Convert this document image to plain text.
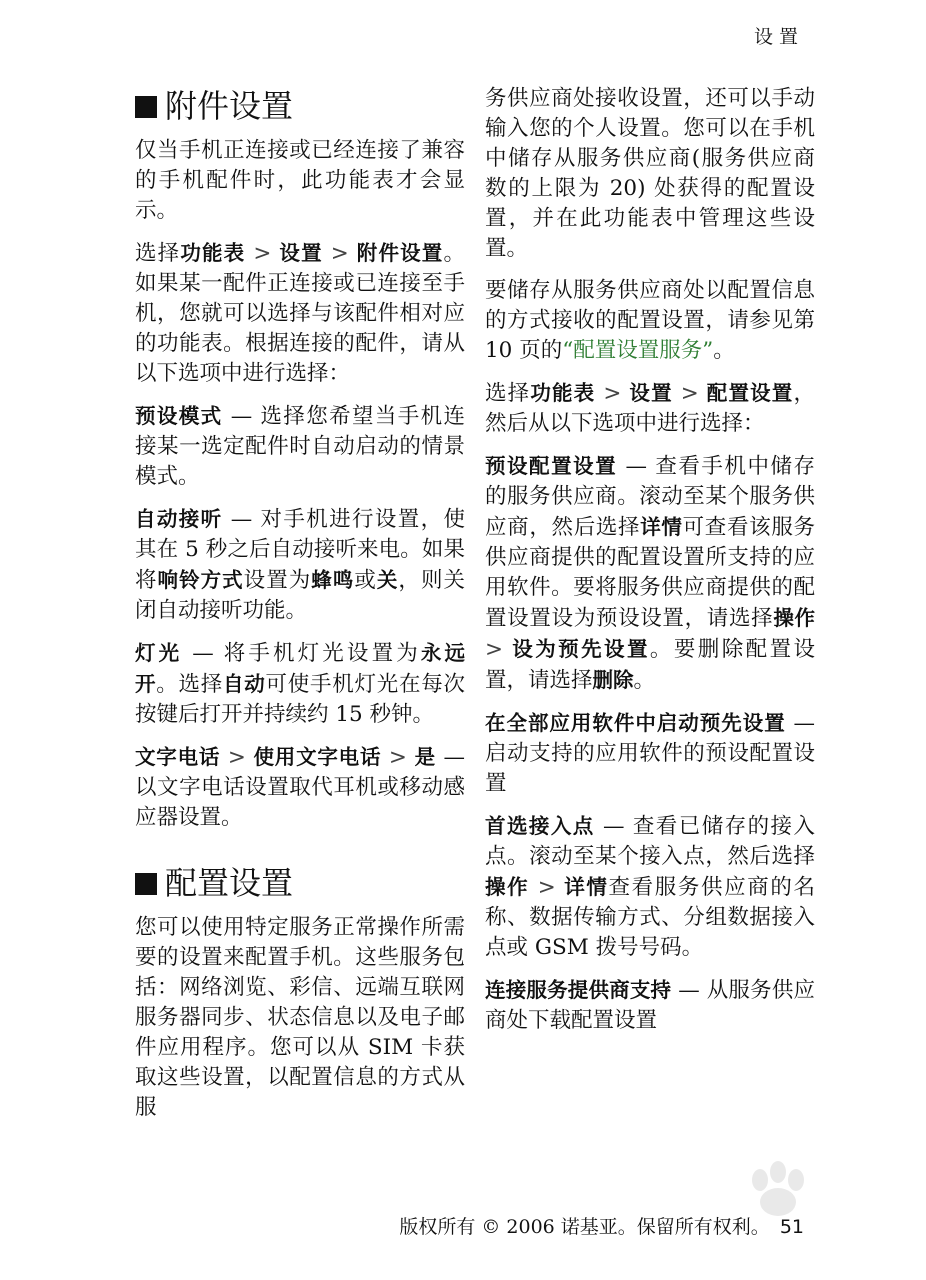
设置
附件设置

仅当手机正连接或已经连接了兼容的手机配件时，此功能表才会显示。

选择功能表 > 设置 > 附件设置。如果某一配件正连接或已连接至手机，您就可以选择与该配件相对应的功能表。根据连接的配件，请从以下选项中进行选择：

预设模式 — 选择您希望当手机连接某一选定配件时自动启动的情景模式。

自动接听 — 对手机进行设置，使其在 5 秒之后自动接听来电。如果将响铃方式设置为蜂鸣或关，则关闭自动接听功能。

灯光 — 将手机灯光设置为永远开。选择自动可使手机灯光在每次按键后打开并持续约 15 秒钟。

文字电话 > 使用文字电话 > 是 — 以文字电话设置取代耳机或移动感应器设置。

配置设置

您可以使用特定服务正常操作所需要的设置来配置手机。这些服务包括：网络浏览、彩信、远端互联网服务器同步、状态信息以及电子邮件应用程序。您可以从 SIM 卡获取这些设置，以配置信息的方式从服

务供应商处接收设置，还可以手动输入您的个人设置。您可以在手机中储存从服务供应商(服务供应商数的上限为 20) 处获得的配置设置，并在此功能表中管理这些设置。

要储存从服务供应商处以配置信息的方式接收的配置设置，请参见第 10 页的“配置设置服务”。

选择功能表 > 设置 > 配置设置，然后从以下选项中进行选择：

预设配置设置 — 查看手机中储存的服务供应商。滚动至某个服务供应商，然后选择详情可查看该服务供应商提供的配置设置所支持的应用软件。要将服务供应商提供的配置设置设为预设设置，请选择操作 > 设为预先设置。要删除配置设置，请选择删除。

在全部应用软件中启动预先设置 — 启动支持的应用软件的预设配置设置

首选接入点 — 查看已储存的接入点。滚动至某个接入点，然后选择操作 > 详情查看服务供应商的名称、数据传输方式、分组数据接入点或 GSM 拨号号码。

连接服务提供商支持 — 从服务供应商处下载配置设置

版权所有 © 2006 诺基亚。保留所有权利。 51
